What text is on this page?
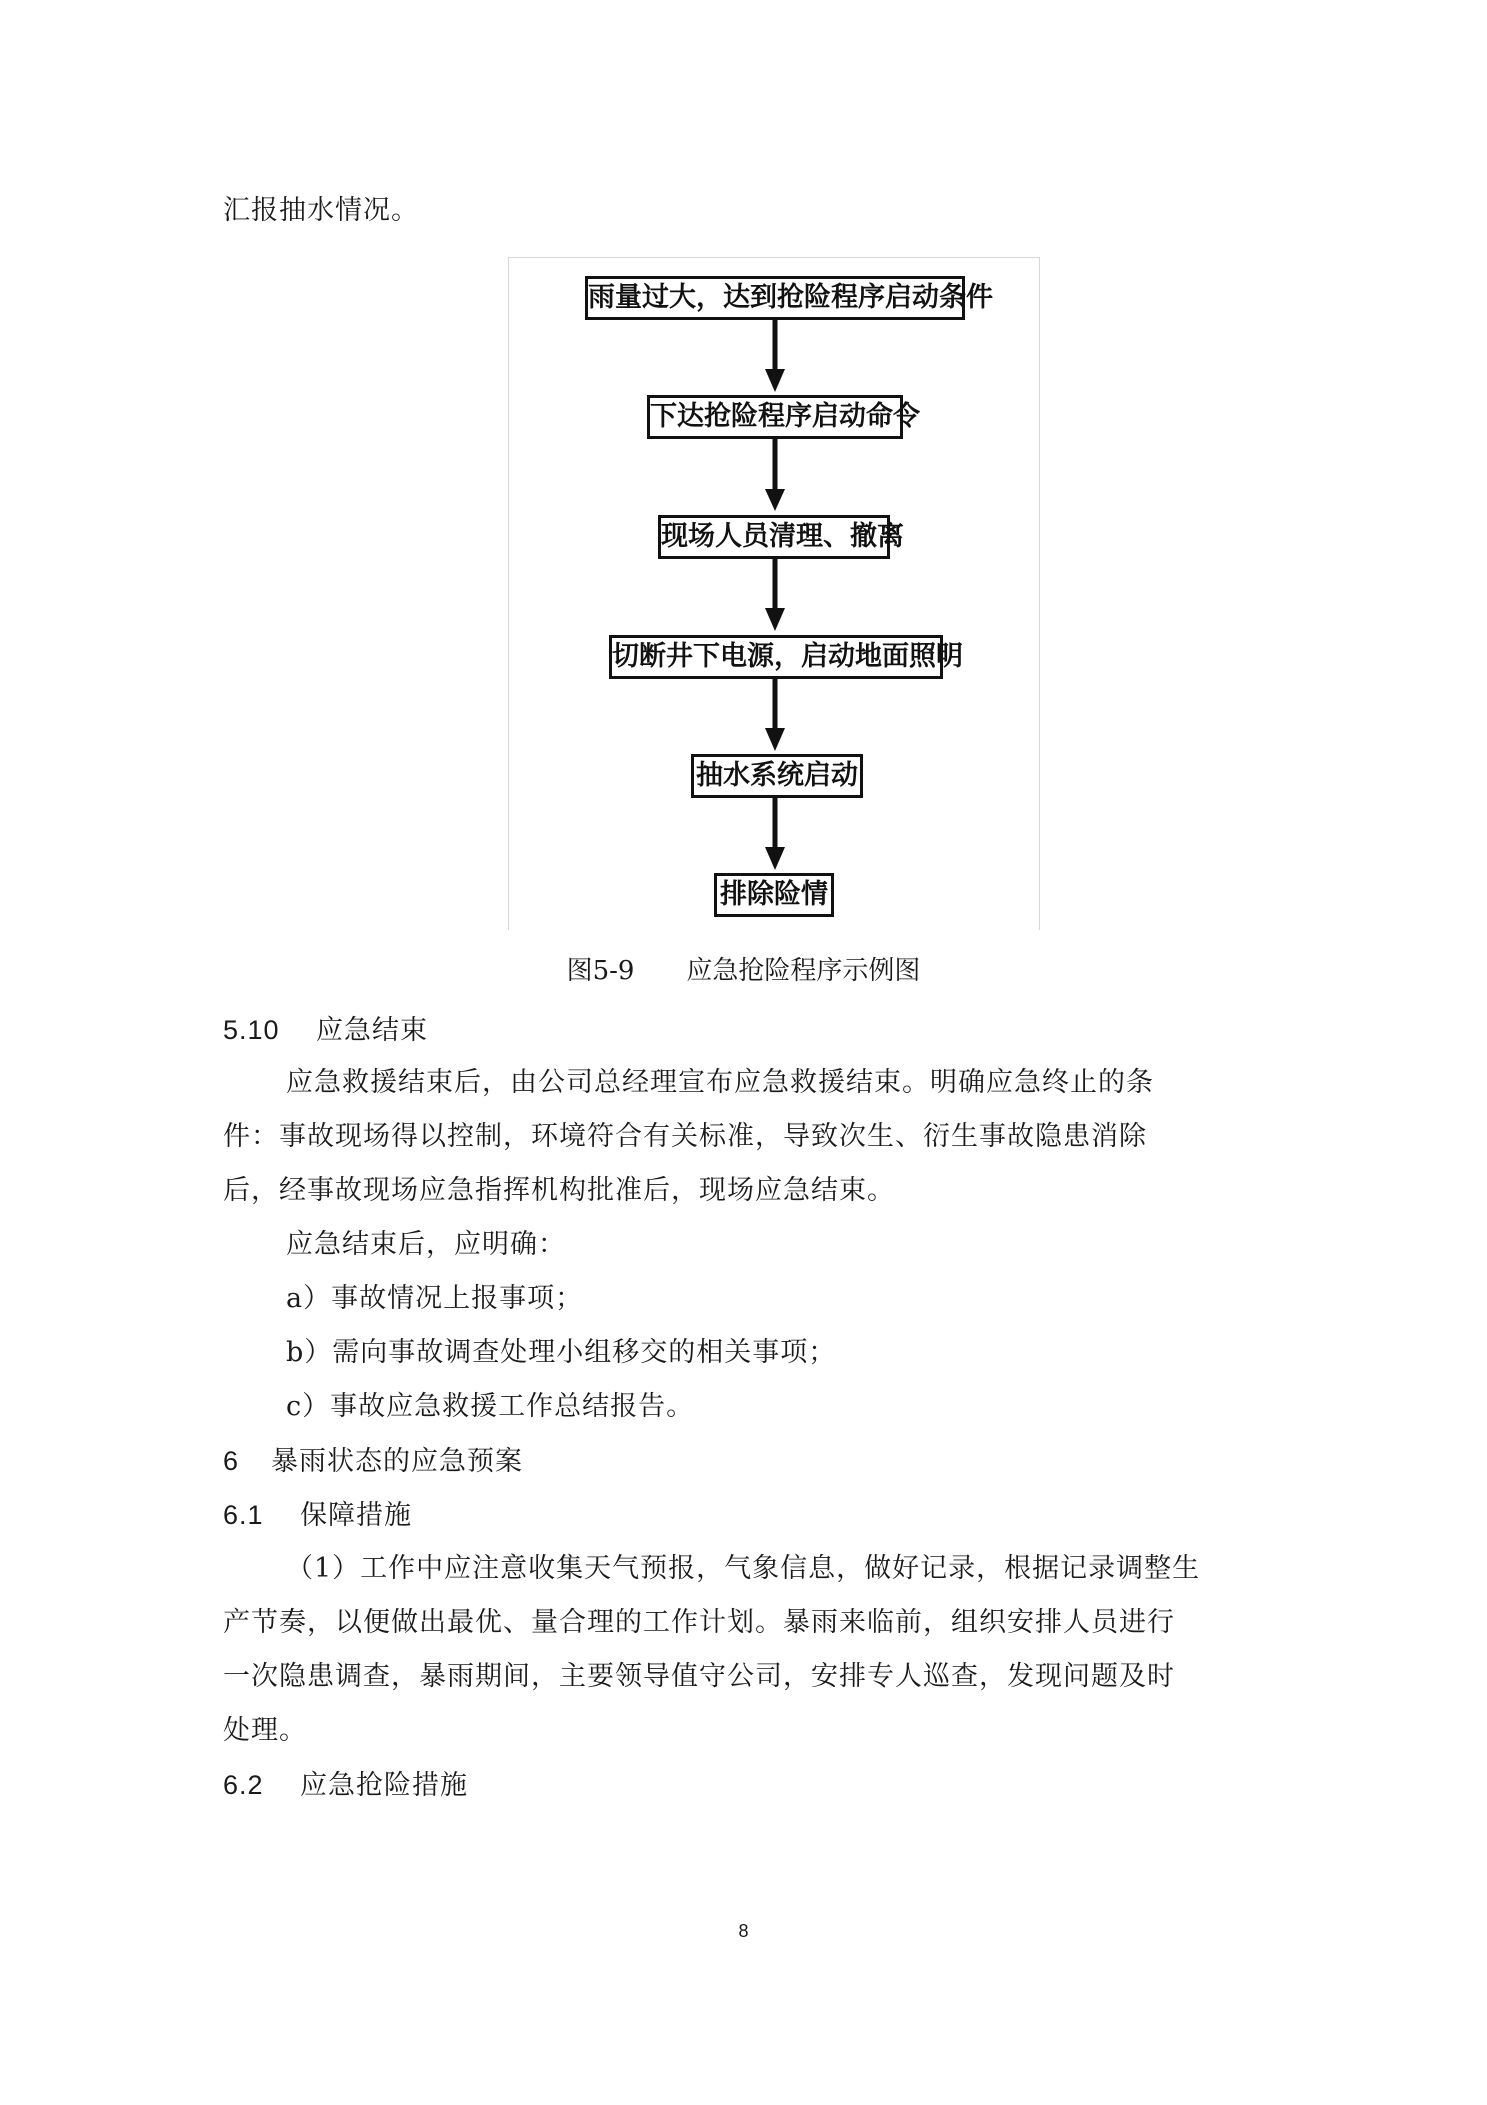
汇报抽水情况。
雨量过大，达到抢险程序启动条件
下达抢险程序启动命令
现场人员清理、撤离
切断井下电源，启动地面照明
抽水系统启动
排除险情
图5-9　　应急抢险程序示例图
5.10 应急结束
应急救援结束后，由公司总经理宣布应急救援结束。明确应急终止的条
件：事故现场得以控制，环境符合有关标准，导致次生、衍生事故隐患消除
后，经事故现场应急指挥机构批准后，现场应急结束。
应急结束后，应明确：
a）事故情况上报事项；
b）需向事故调查处理小组移交的相关事项；
c）事故应急救援工作总结报告。
6 暴雨状态的应急预案
6.1 保障措施
（1）工作中应注意收集天气预报，气象信息，做好记录，根据记录调整生
产节奏，以便做出最优、量合理的工作计划。暴雨来临前，组织安排人员进行
一次隐患调查，暴雨期间，主要领导值守公司，安排专人巡查，发现问题及时
处理。
6.2 应急抢险措施
8
